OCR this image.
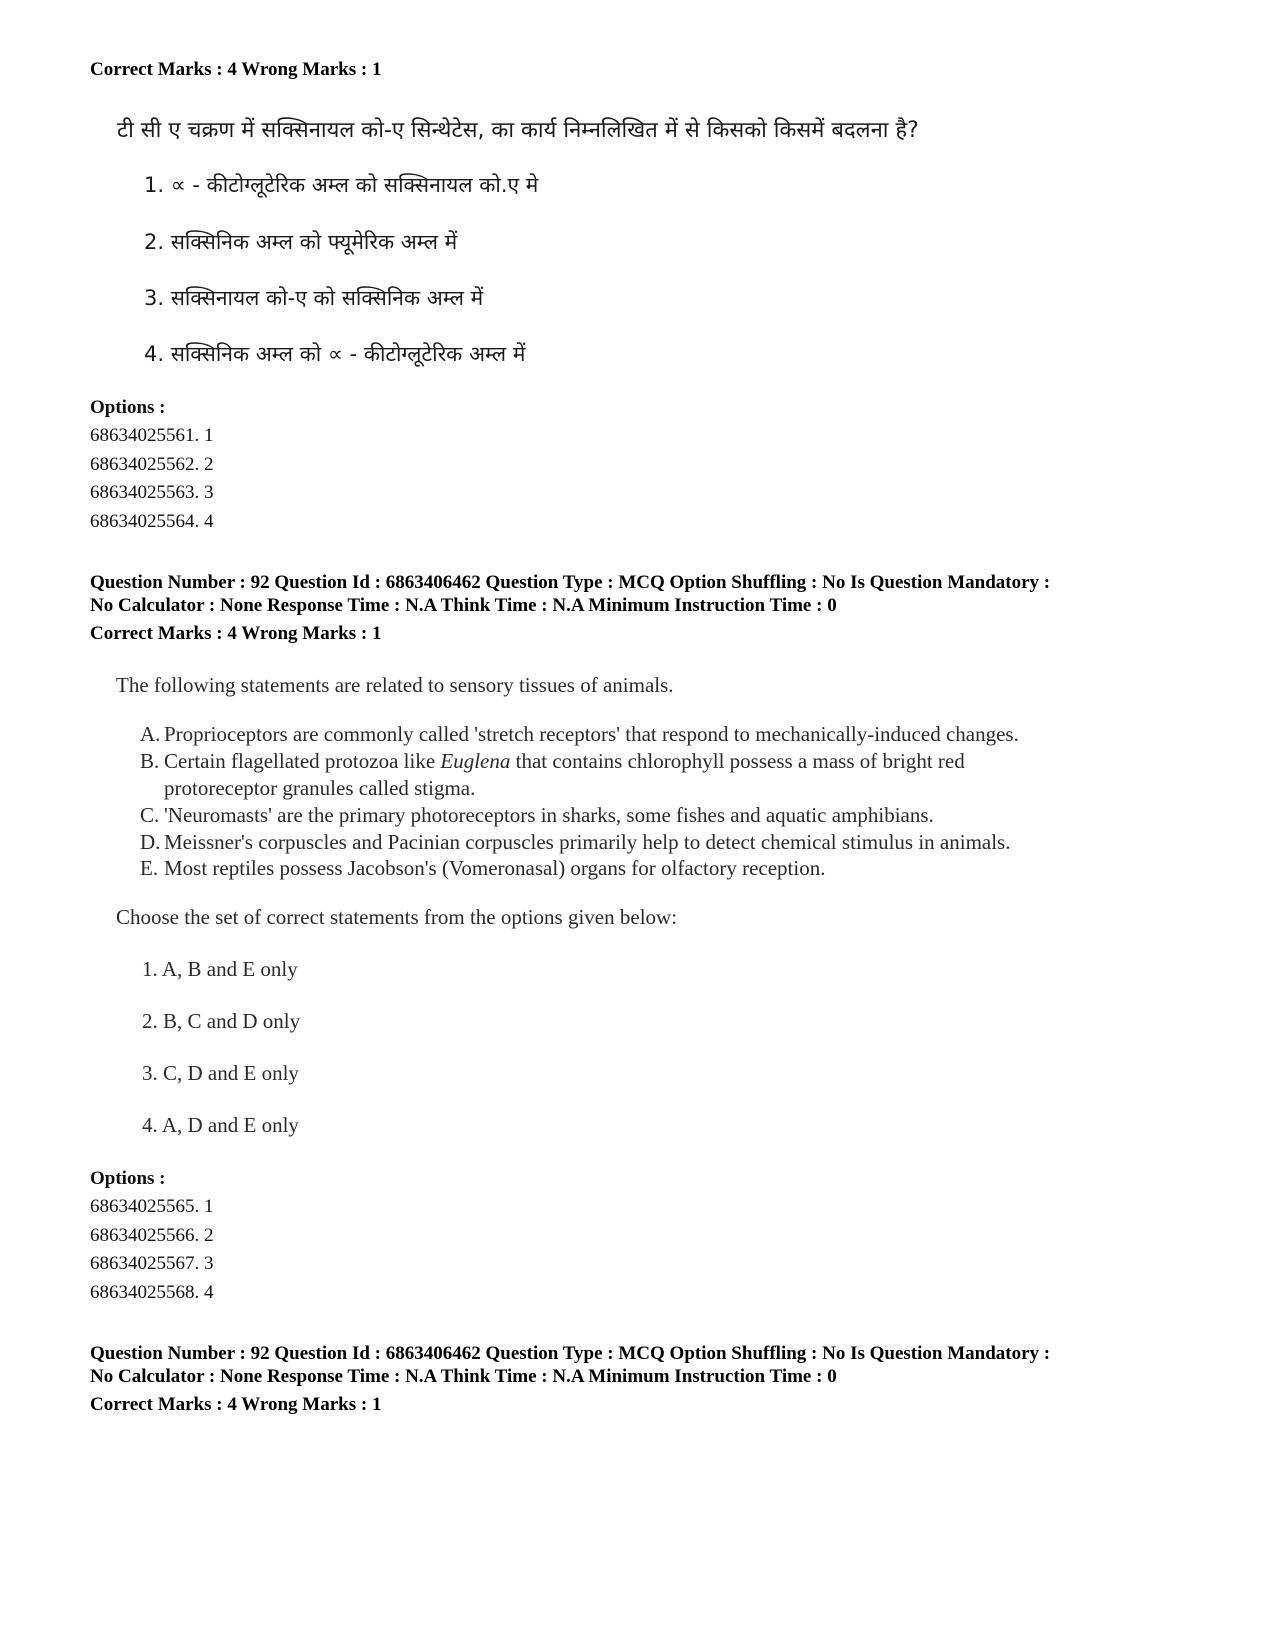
Correct Marks : 4 Wrong Marks : 1
टी सी ए चक्रण में सक्सिनायल को-ए सिन्थेटेस, का कार्य निम्नलिखित में से किसको किसमें बदलना है?
1. ∝ - कीटोग्लूटेरिक अम्ल को सक्सिनायल को.ए मे
2. सक्सिनिक अम्ल को फ्यूमेरिक अम्ल में
3. सक्सिनायल को-ए को सक्सिनिक अम्ल में
4. सक्सिनिक अम्ल को ∝ - कीटोग्लूटेरिक अम्ल में
Options :
68634025561. 1
68634025562. 2
68634025563. 3
68634025564. 4
Question Number : 92 Question Id : 6863406462 Question Type : MCQ Option Shuffling : No Is Question Mandatory :
No Calculator : None Response Time : N.A Think Time : N.A Minimum Instruction Time : 0
Correct Marks : 4 Wrong Marks : 1
The following statements are related to sensory tissues of animals.
A. Proprioceptors are commonly called 'stretch receptors' that respond to mechanically-induced changes.
B. Certain flagellated protozoa like Euglena that contains chlorophyll possess a mass of bright red
protoreceptor granules called stigma.
C. 'Neuromasts' are the primary photoreceptors in sharks, some fishes and aquatic amphibians.
D. Meissner's corpuscles and Pacinian corpuscles primarily help to detect chemical stimulus in animals.
E. Most reptiles possess Jacobson's (Vomeronasal) organs for olfactory reception.
Choose the set of correct statements from the options given below:
1. A, B and E only
2. B, C and D only
3. C, D and E only
4. A, D and E only
Options :
68634025565. 1
68634025566. 2
68634025567. 3
68634025568. 4
Question Number : 92 Question Id : 6863406462 Question Type : MCQ Option Shuffling : No Is Question Mandatory :
No Calculator : None Response Time : N.A Think Time : N.A Minimum Instruction Time : 0
Correct Marks : 4 Wrong Marks : 1
